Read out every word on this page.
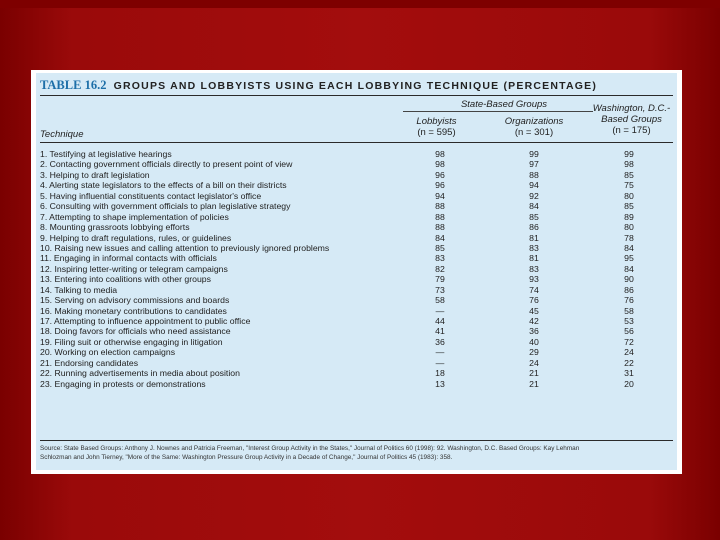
TABLE 16.2 GROUPS AND LOBBYISTS USING EACH LOBBYING TECHNIQUE (PERCENTAGE)
State-Based Groups
Lobbyists
(n = 595)
Organizations
(n = 301)
Washington, D.C.-
Based Groups
(n = 175)
Technique
1. Testifying at legislative hearings	98	99	99
2. Contacting government officials directly to present point of view	98	97	98
3. Helping to draft legislation	96	88	85
4. Alerting state legislators to the effects of a bill on their districts	96	94	75
5. Having influential constituents contact legislator's office	94	92	80
6. Consulting with government officials to plan legislative strategy	88	84	85
7. Attempting to shape implementation of policies	88	85	89
8. Mounting grassroots lobbying efforts	88	86	80
9. Helping to draft regulations, rules, or guidelines	84	81	78
10. Raising new issues and calling attention to previously ignored problems	85	83	84
11. Engaging in informal contacts with officials	83	81	95
12. Inspiring letter-writing or telegram campaigns	82	83	84
13. Entering into coalitions with other groups	79	93	90
14. Talking to media	73	74	86
15. Serving on advisory commissions and boards	58	76	76
16. Making monetary contributions to candidates	—	45	58
17. Attempting to influence appointment to public office	44	42	53
18. Doing favors for officials who need assistance	41	36	56
19. Filing suit or otherwise engaging in litigation	36	40	72
20. Working on election campaigns	—	29	24
21. Endorsing candidates	—	24	22
22. Running advertisements in media about position	18	21	31
23. Engaging in protests or demonstrations	13	21	20
Source: State Based Groups: Anthony J. Nownes and Patricia Freeman, "Interest Group Activity in the States," Journal of Politics 60 (1998): 92. Washington, D.C. Based Groups: Kay Lehman
Schlozman and John Tierney, "More of the Same: Washington Pressure Group Activity in a Decade of Change," Journal of Politics 45 (1983): 358.
